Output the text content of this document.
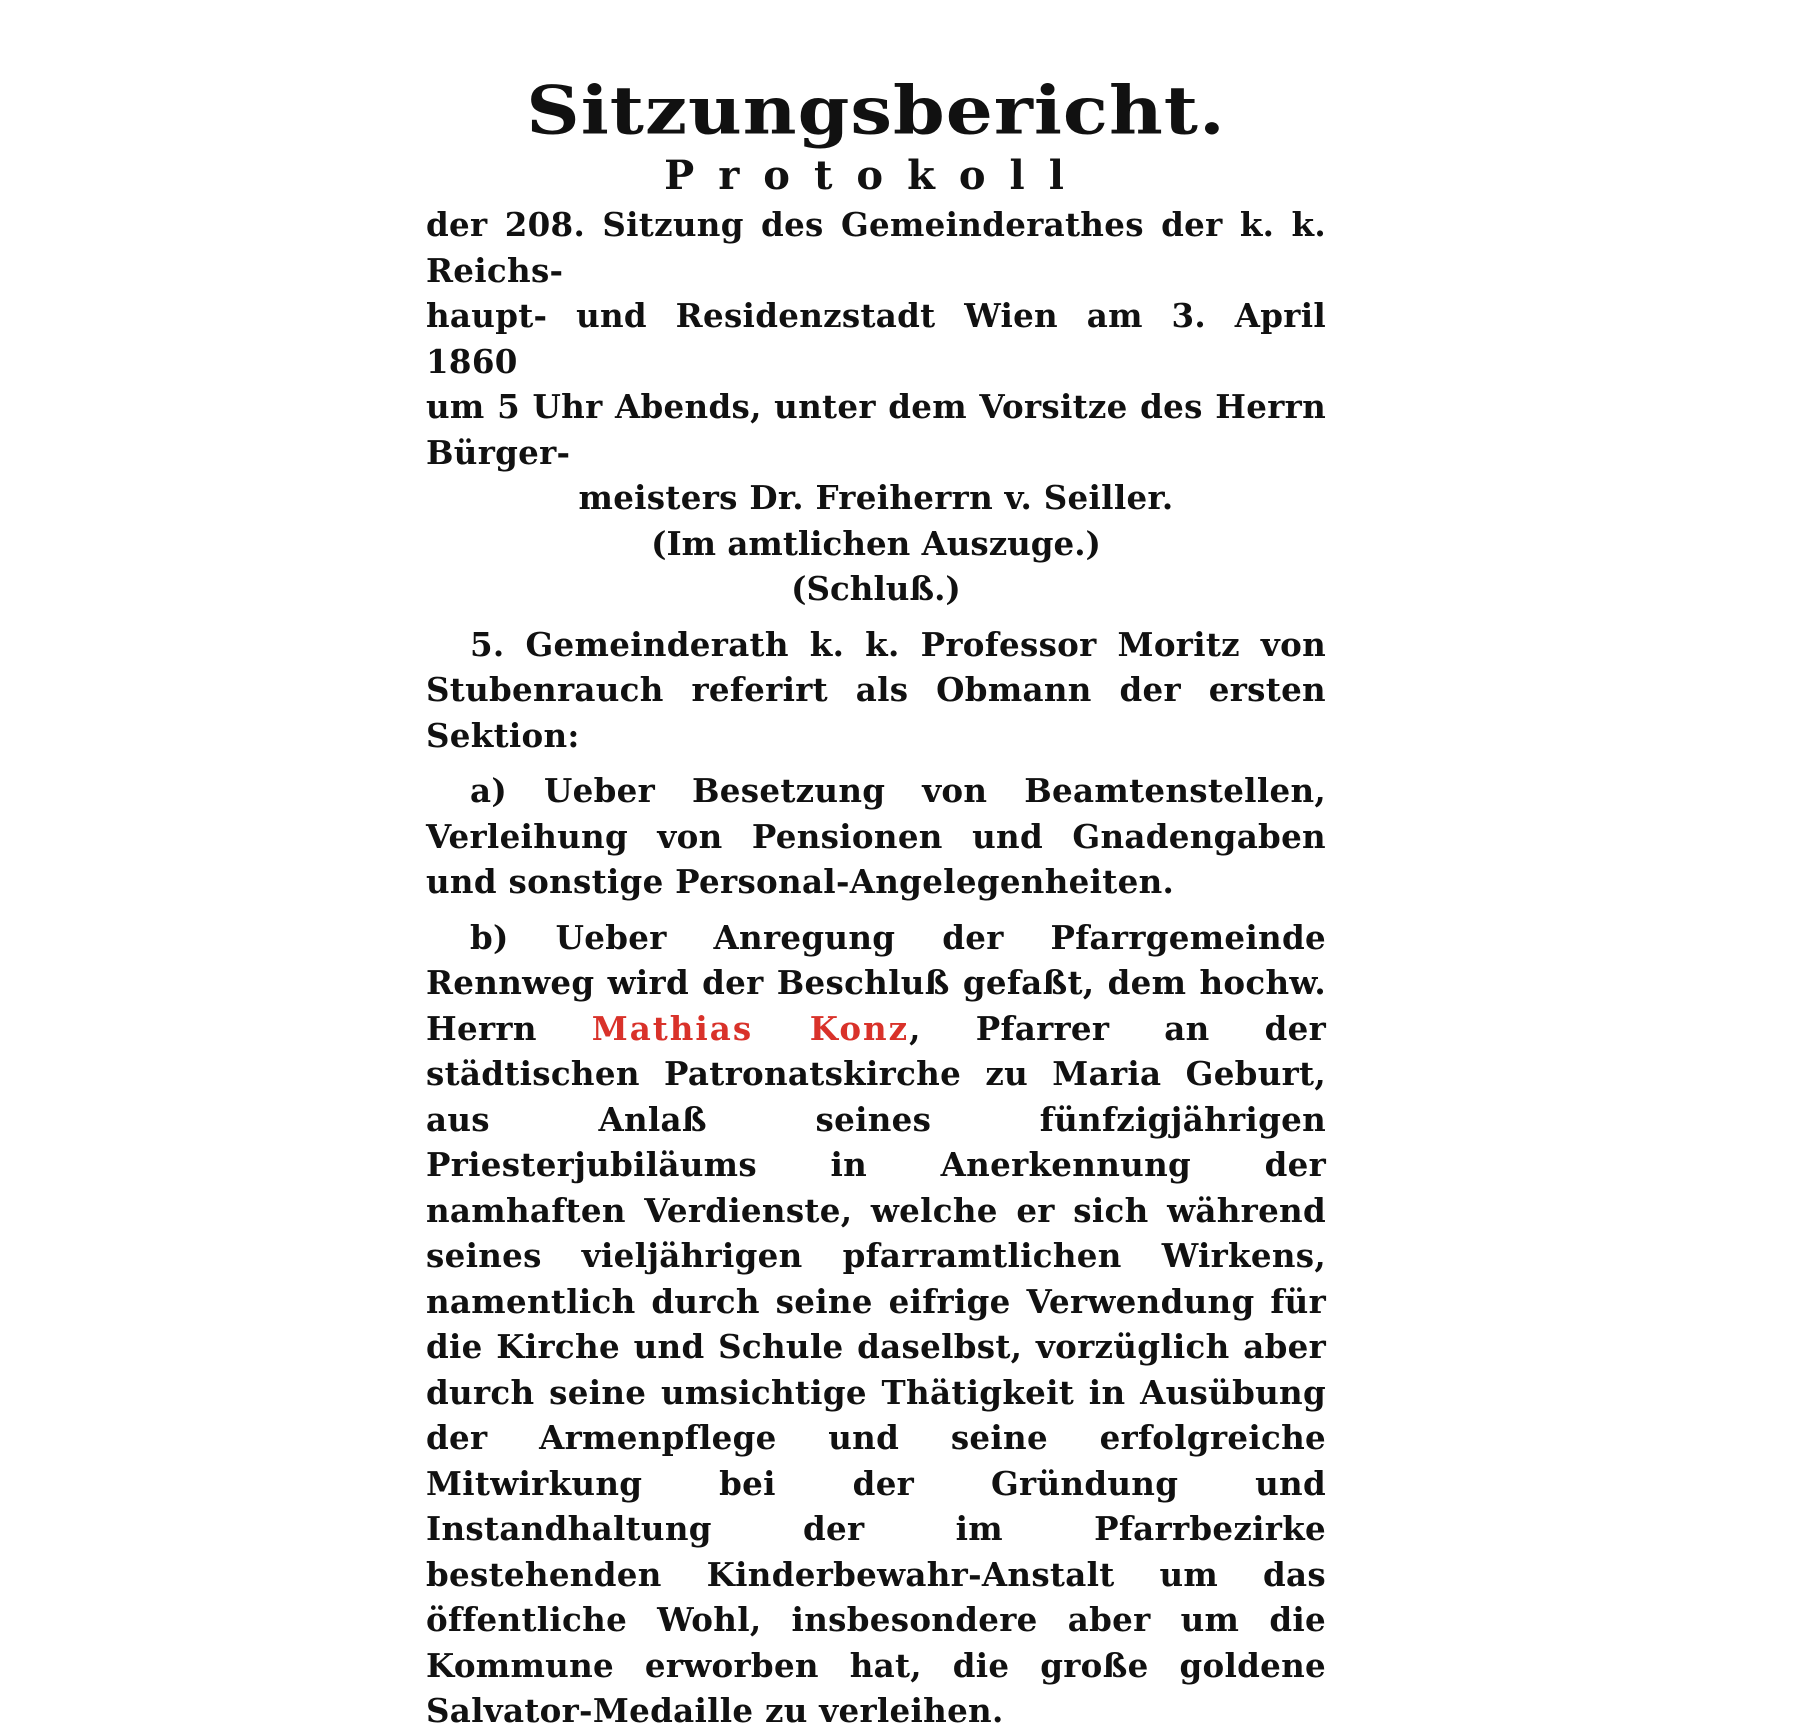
Sitzungsbericht.
Protokoll
der 208. Sitzung des Gemeinderathes der k. k. Reichs-
haupt- und Residenzstadt Wien am 3. April 1860
um 5 Uhr Abends, unter dem Vorsitze des Herrn Bürger-
meisters Dr. Freiherrn v. Seiller.

(Im amtlichen Auszuge.)

(Schluß.)

5. Gemeinderath k. k. Professor Moritz von Stubenrauch referirt als Obmann der ersten Sektion:

a) Ueber Besetzung von Beamtenstellen, Verleihung von Pensionen und Gnadengaben und sonstige Personal-Angelegenheiten.

b) Ueber Anregung der Pfarrgemeinde Rennweg wird der Beschluß gefaßt, dem hochw. Herrn Mathias Konz, Pfarrer an der städtischen Patronatskirche zu Maria Geburt, aus Anlaß seines fünfzigjährigen Priesterjubiläums in Anerkennung der namhaften Verdienste, welche er sich während seines vieljährigen pfarramtlichen Wirkens, namentlich durch seine eifrige Verwendung für die Kirche und Schule daselbst, vorzüglich aber durch seine umsichtige Thätigkeit in Ausübung der Armenpflege und seine erfolgreiche Mitwirkung bei der Gründung und Instandhaltung der im Pfarrbezirke bestehenden Kinderbewahr-Anstalt um das öffentliche Wohl, insbesondere aber um die Kommune erworben hat, die große goldene Salvator-Medaille zu verleihen.
